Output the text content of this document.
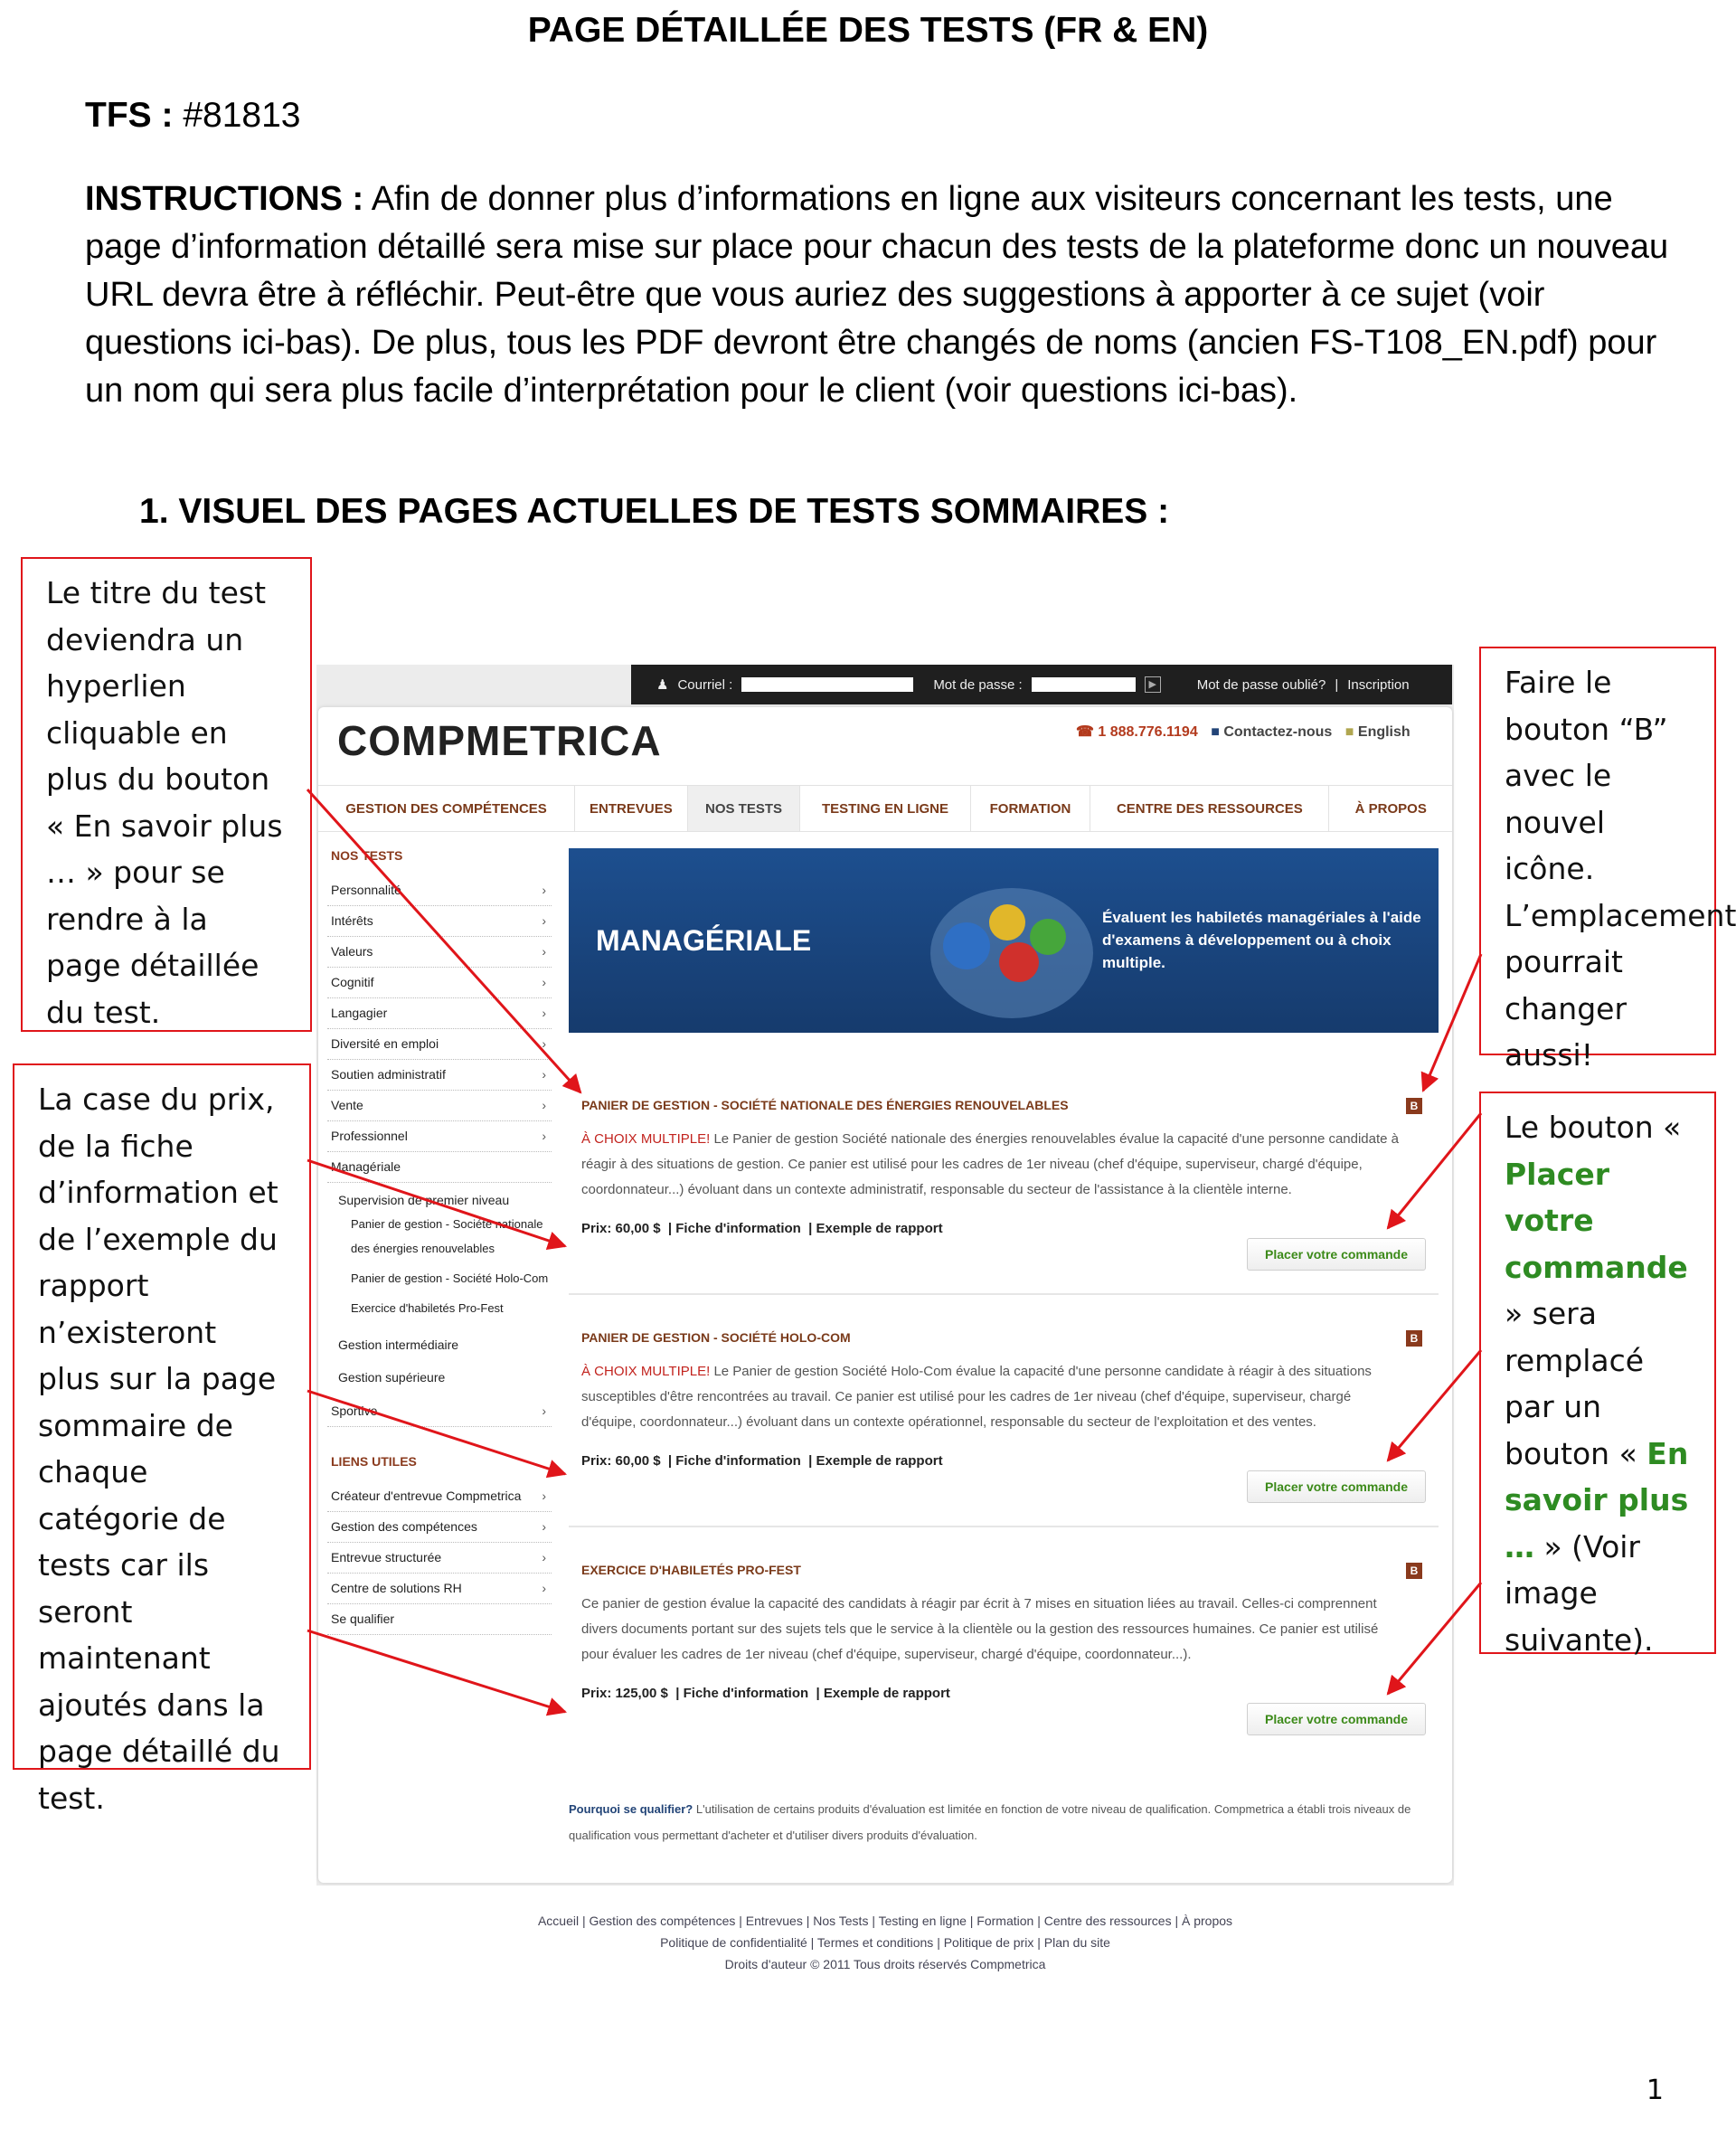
PAGE DÉTAILLÉE DES TESTS (FR & EN)
TFS : #81813
INSTRUCTIONS : Afin de donner plus d’informations en ligne aux visiteurs concernant les tests, une page d’information détaillé sera mise sur place pour chacun des tests de la plateforme donc un nouveau URL devra être à réfléchir. Peut-être que vous auriez des suggestions à apporter à ce sujet (voir questions ici-bas). De plus, tous les PDF devront être changés de noms (ancien FS-T108_EN.pdf) pour un nom qui sera plus facile d’interprétation pour le client (voir questions ici-bas).
1. VISUEL DES PAGES ACTUELLES DE TESTS SOMMAIRES :
♟ Courriel :	Mot de passe :	▶	Mot de passe oublié? | Inscription
COMPMETRICA	☎ 1 888.776.1194 ■ Contactez-nous ■ English
GESTION DES COMPÉTENCES	ENTREVUES	NOS TESTS	TESTING EN LIGNE	FORMATION	CENTRE DES RESSOURCES	À PROPOS
NOS TESTS
Personnalité ›
Intérêts ›
Valeurs ›
Cognitif ›
Langagier ›
Diversité en emploi ›
Soutien administratif ›
Vente ›
Professionnel ›
Managériale
Supervision de premier niveau
Panier de gestion - Société nationale des énergies renouvelables
Panier de gestion - Société Holo-Com
Exercice d'habiletés Pro-Fest
Gestion intermédiaire
Gestion supérieure
Sportive ›
LIENS UTILES
Créateur d'entrevue Compmetrica ›
Gestion des compétences ›
Entrevue structurée ›
Centre de solutions RH ›
Se qualifier
MANAGÉRIALE
Évaluent les habiletés managériales à l'aide d'examens à développement ou à choix multiple.
PANIER DE GESTION - SOCIÉTÉ NATIONALE DES ÉNERGIES RENOUVELABLES	B
À CHOIX MULTIPLE! Le Panier de gestion Société nationale des énergies renouvelables évalue la capacité d'une personne candidate à réagir à des situations de gestion. Ce panier est utilisé pour les cadres de 1er niveau (chef d'équipe, superviseur, chargé d'équipe, coordonnateur...) évoluant dans un contexte administratif, responsable du secteur de l'assistance à la clientèle interne.
Prix: 60,00 $  | Fiche d'information  | Exemple de rapport
Placer votre commande
PANIER DE GESTION - SOCIÉTÉ HOLO-COM	B
À CHOIX MULTIPLE! Le Panier de gestion Société Holo-Com évalue la capacité d'une personne candidate à réagir à des situations susceptibles d'être rencontrées au travail. Ce panier est utilisé pour les cadres de 1er niveau (chef d'équipe, superviseur, chargé d'équipe, coordonnateur...) évoluant dans un contexte opérationnel, responsable du secteur de l'exploitation et des ventes.
Prix: 60,00 $  | Fiche d'information  | Exemple de rapport
Placer votre commande
EXERCICE D'HABILETÉS PRO-FEST	B
Ce panier de gestion évalue la capacité des candidats à réagir par écrit à 7 mises en situation liées au travail. Celles-ci comprennent divers documents portant sur des sujets tels que le service à la clientèle ou la gestion des ressources humaines. Ce panier est utilisé pour évaluer les cadres de 1er niveau (chef d'équipe, superviseur, chargé d'équipe, coordonnateur...).
Prix: 125,00 $  | Fiche d'information  | Exemple de rapport
Placer votre commande
Pourquoi se qualifier? L'utilisation de certains produits d'évaluation est limitée en fonction de votre niveau de qualification. Compmetrica a établi trois niveaux de qualification vous permettant d'acheter et d'utiliser divers produits d'évaluation.
Accueil | Gestion des compétences | Entrevues | Nos Tests | Testing en ligne | Formation | Centre des ressources | À propos
Politique de confidentialité | Termes et conditions | Politique de prix | Plan du site
Droits d'auteur © 2011 Tous droits réservés Compmetrica
Le titre du test deviendra un hyperlien cliquable en plus du bouton « En savoir plus … » pour se rendre à la page détaillée du test.
La case du prix, de la fiche d’information et de l’exemple du rapport n’existeront plus sur la page sommaire de chaque catégorie de tests car ils seront maintenant ajoutés dans la page détaillé du test.
Faire le bouton “B” avec le nouvel icône. L’emplacement pourrait changer aussi!
Le bouton « Placer votre commande » sera remplacé par un bouton « En savoir plus … » (Voir image suivante).
1
